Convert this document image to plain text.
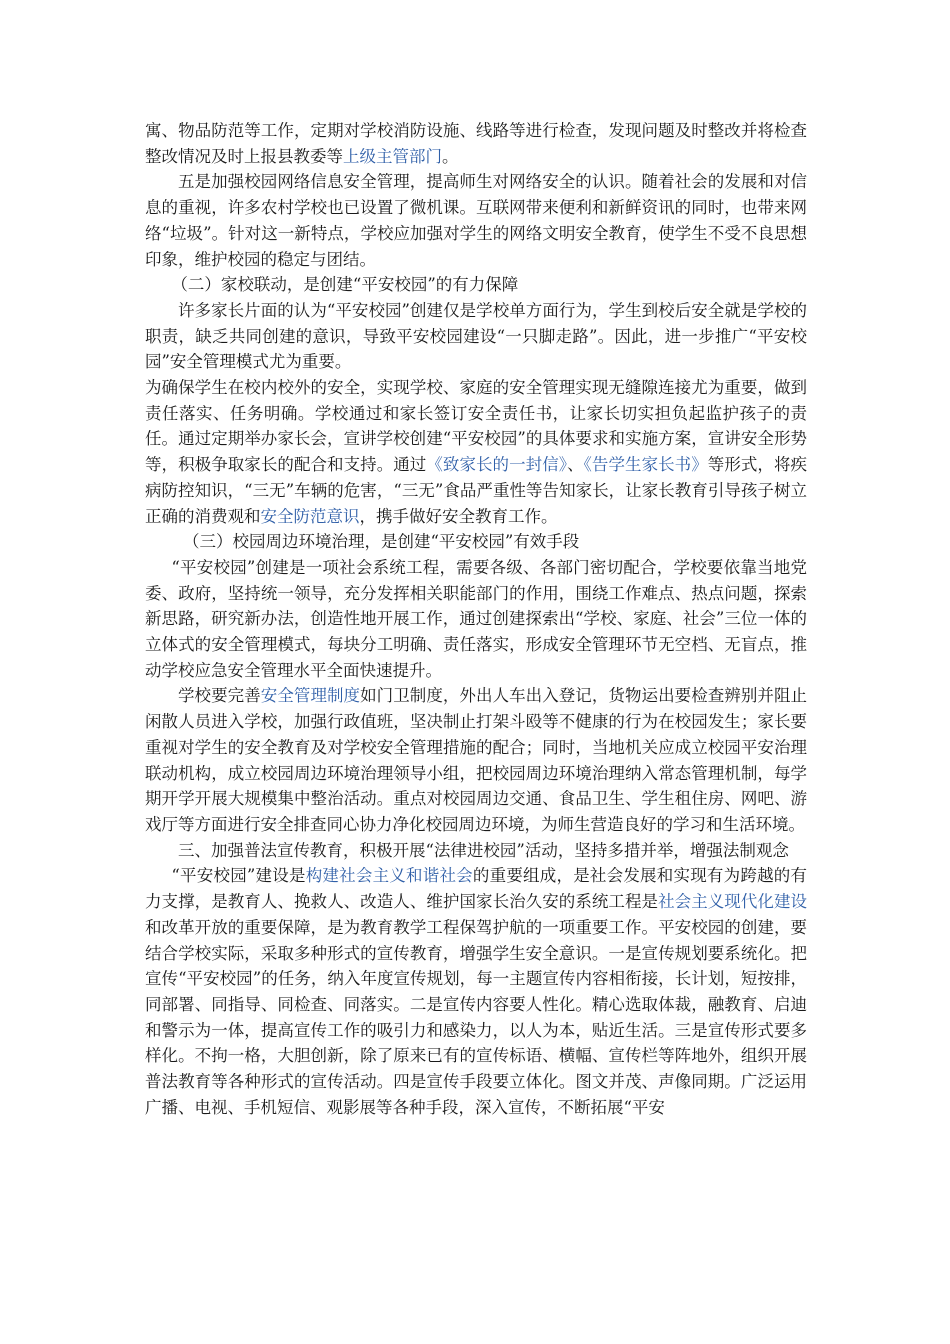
寓、物品防范等工作，定期对学校消防设施、线路等进行检查，发现问题及时整改并将检查整改情况及时上报县教委等上级主管部门。

五是加强校园网络信息安全管理，提高师生对网络安全的认识。随着社会的发展和对信息的重视，许多农村学校也已设置了微机课。互联网带来便利和新鲜资讯的同时，也带来网络“垃圾”。针对这一新特点，学校应加强对学生的网络文明安全教育，使学生不受不良思想印象，维护校园的稳定与团结。

（二）家校联动，是创建“平安校园”的有力保障

许多家长片面的认为“平安校园”创建仅是学校单方面行为，学生到校后安全就是学校的职责，缺乏共同创建的意识，导致平安校园建设“一只脚走路”。因此，进一步推广“平安校园”安全管理模式尤为重要。

为确保学生在校内校外的安全，实现学校、家庭的安全管理实现无缝隙连接尤为重要，做到责任落实、任务明确。学校通过和家长签订安全责任书，让家长切实担负起监护孩子的责任。通过定期举办家长会，宣讲学校创建“平安校园”的具体要求和实施方案，宣讲安全形势等，积极争取家长的配合和支持。通过《致家长的一封信》、《告学生家长书》等形式，将疾病防控知识，“三无”车辆的危害，“三无”食品严重性等告知家长，让家长教育引导孩子树立正确的消费观和安全防范意识，携手做好安全教育工作。

（三）校园周边环境治理，是创建“平安校园”有效手段

“平安校园”创建是一项社会系统工程，需要各级、各部门密切配合，学校要依靠当地党委、政府，坚持统一领导，充分发挥相关职能部门的作用，围绕工作难点、热点问题，探索新思路，研究新办法，创造性地开展工作，通过创建探索出“学校、家庭、社会”三位一体的立体式的安全管理模式，每块分工明确、责任落实，形成安全管理环节无空档、无盲点，推动学校应急安全管理水平全面快速提升。

学校要完善安全管理制度如门卫制度，外出人车出入登记，货物运出要检查辨别并阻止闲散人员进入学校，加强行政值班，坚决制止打架斗殴等不健康的行为在校园发生；家长要重视对学生的安全教育及对学校安全管理措施的配合；同时，当地机关应成立校园平安治理联动机构，成立校园周边环境治理领导小组，把校园周边环境治理纳入常态管理机制，每学期开学开展大规模集中整治活动。重点对校园周边交通、食品卫生、学生租住房、网吧、游戏厅等方面进行安全排查同心协力净化校园周边环境，为师生营造良好的学习和生活环境。

三、加强普法宣传教育，积极开展“法律进校园”活动，坚持多措并举，增强法制观念

“平安校园”建设是构建社会主义和谐社会的重要组成，是社会发展和实现有为跨越的有力支撑，是教育人、挽救人、改造人、维护国家长治久安的系统工程是社会主义现代化建设和改革开放的重要保障，是为教育教学工程保驾护航的一项重要工作。平安校园的创建，要结合学校实际，采取多种形式的宣传教育，增强学生安全意识。一是宣传规划要系统化。把宣传“平安校园”的任务，纳入年度宣传规划，每一主题宣传内容相衔接，长计划，短按排，同部署、同指导、同检查、同落实。二是宣传内容要人性化。精心选取体裁，融教育、启迪和警示为一体，提高宣传工作的吸引力和感染力，以人为本，贴近生活。三是宣传形式要多样化。不拘一格，大胆创新，除了原来已有的宣传标语、横幅、宣传栏等阵地外，组织开展普法教育等各种形式的宣传活动。四是宣传手段要立体化。图文并茂、声像同期。广泛运用广播、电视、手机短信、观影展等各种手段，深入宣传，不断拓展“平安
